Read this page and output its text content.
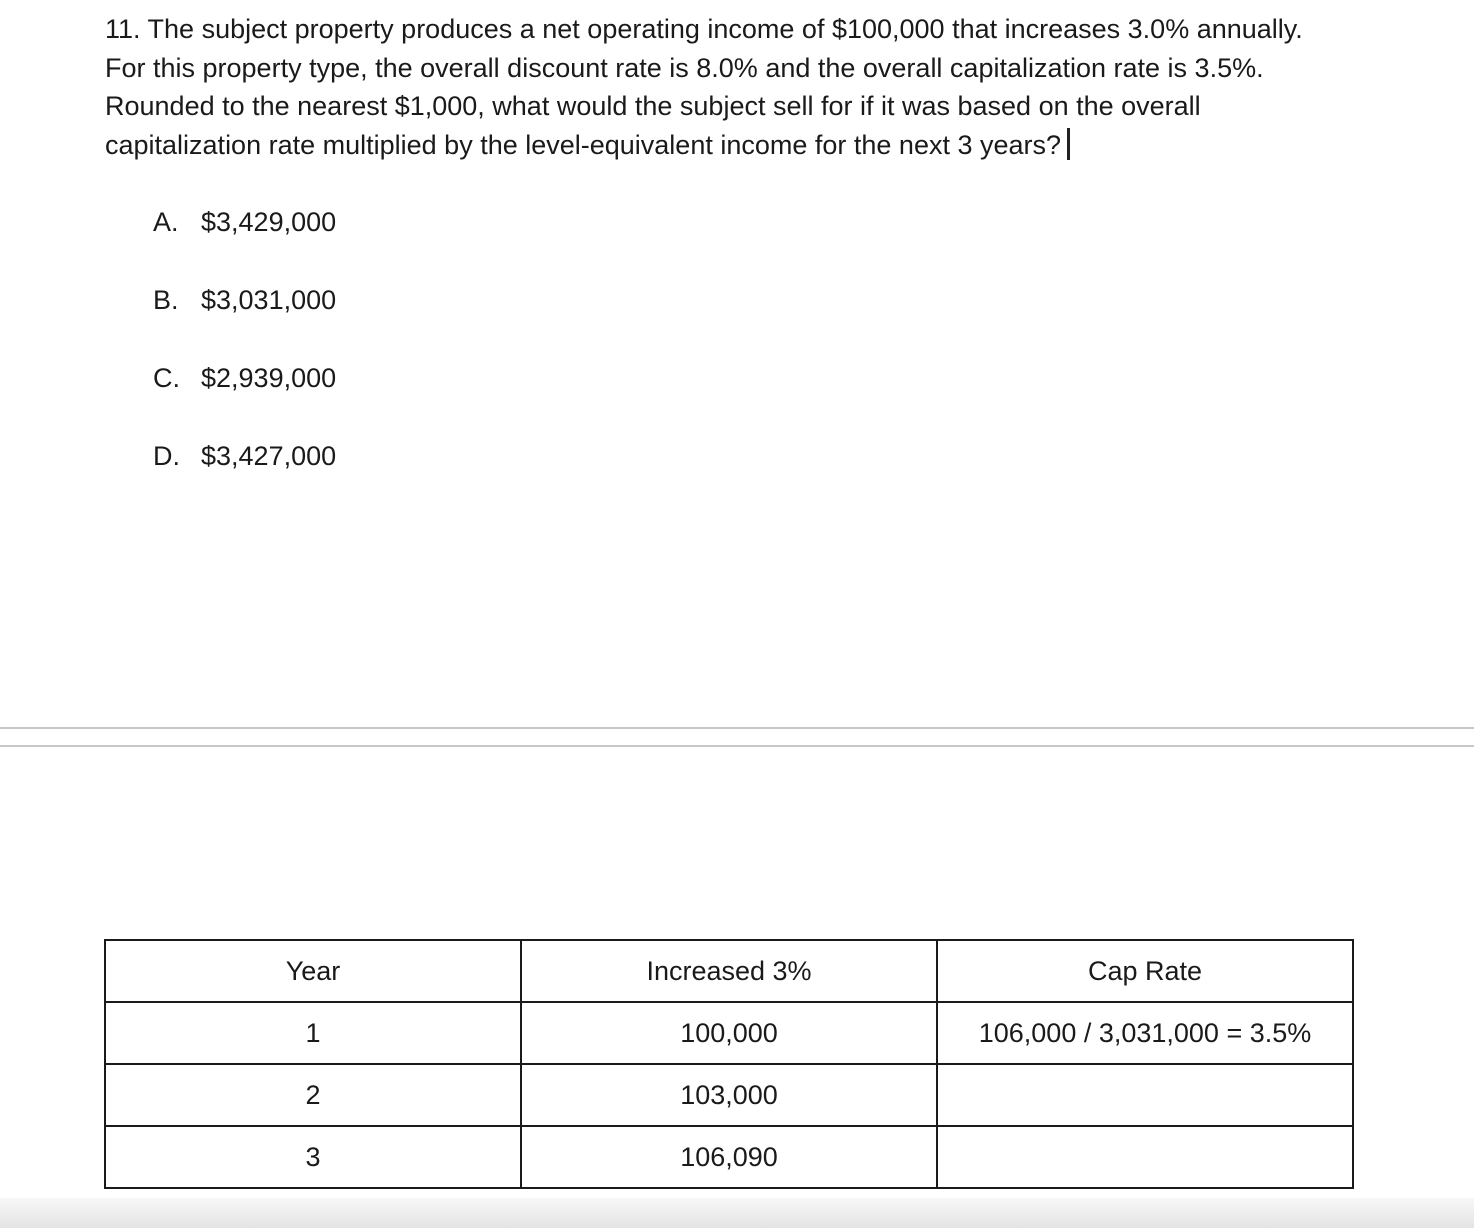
11. The subject property produces a net operating income of $100,000 that increases 3.0% annually. For this property type, the overall discount rate is 8.0% and the overall capitalization rate is 3.5%. Rounded to the nearest $1,000, what would the subject sell for if it was based on the overall capitalization rate multiplied by the level-equivalent income for the next 3 years?
A. $3,429,000
B. $3,031,000
C. $2,939,000
D. $3,427,000
Year	Increased 3%	Cap Rate
1	100,000	106,000 / 3,031,000 = 3.5%
2	103,000	
3	106,090	
